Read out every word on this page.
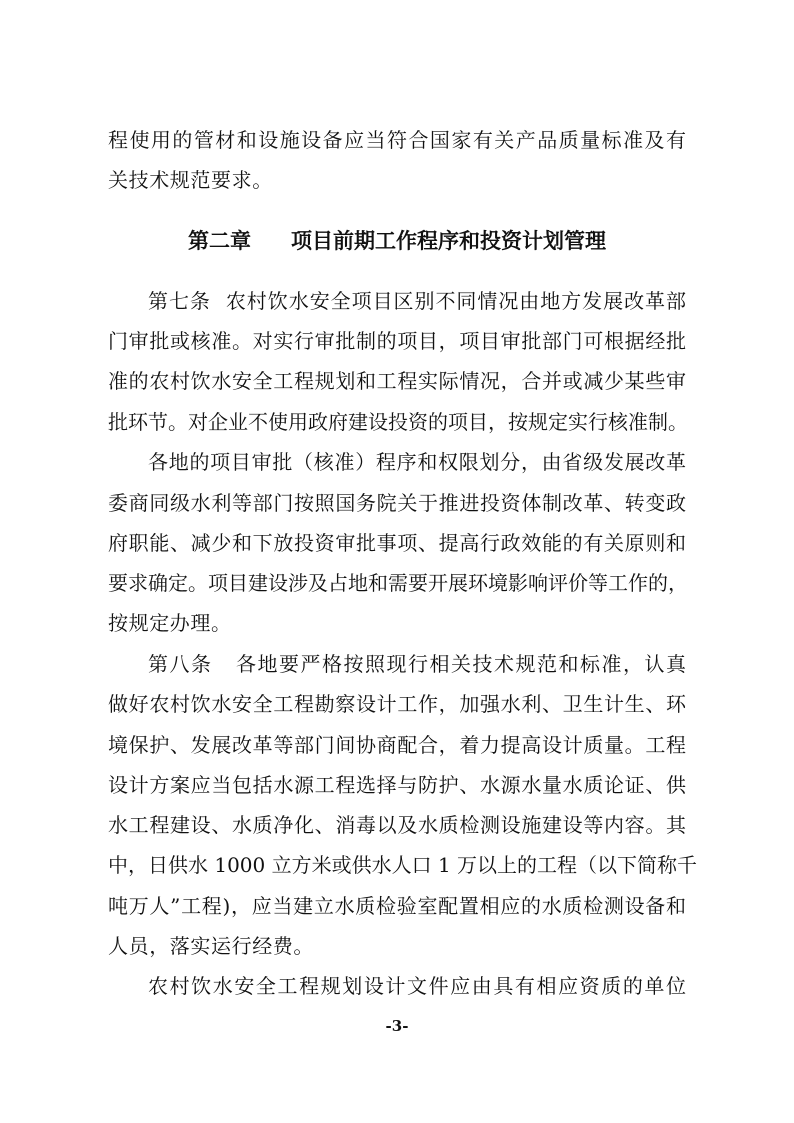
程使用的管材和设施设备应当符合国家有关产品质量标准及有
关技术规范要求。
第二章 项目前期工作程序和投资计划管理
第七条 农村饮水安全项目区别不同情况由地方发展改革部
门审批或核准。对实行审批制的项目，项目审批部门可根据经批
准的农村饮水安全工程规划和工程实际情况，合并或减少某些审
批环节。对企业不使用政府建设投资的项目，按规定实行核准制。
各地的项目审批（核准）程序和权限划分，由省级发展改革
委商同级水利等部门按照国务院关于推进投资体制改革、转变政
府职能、减少和下放投资审批事项、提高行政效能的有关原则和
要求确定。项目建设涉及占地和需要开展环境影响评价等工作的，
按规定办理。
第八条 各地要严格按照现行相关技术规范和标准，认真
做好农村饮水安全工程勘察设计工作，加强水利、卫生计生、环
境保护、发展改革等部门间协商配合，着力提高设计质量。工程
设计方案应当包括水源工程选择与防护、水源水量水质论证、供
水工程建设、水质净化、消毒以及水质检测设施建设等内容。其
中，日供水 1000 立方米或供水人口 1 万以上的工程（以下简称千
吨万人”工程)，应当建立水质检验室配置相应的水质检测设备和
人员，落实运行经费。
农村饮水安全工程规划设计文件应由具有相应资质的单位
-3-
